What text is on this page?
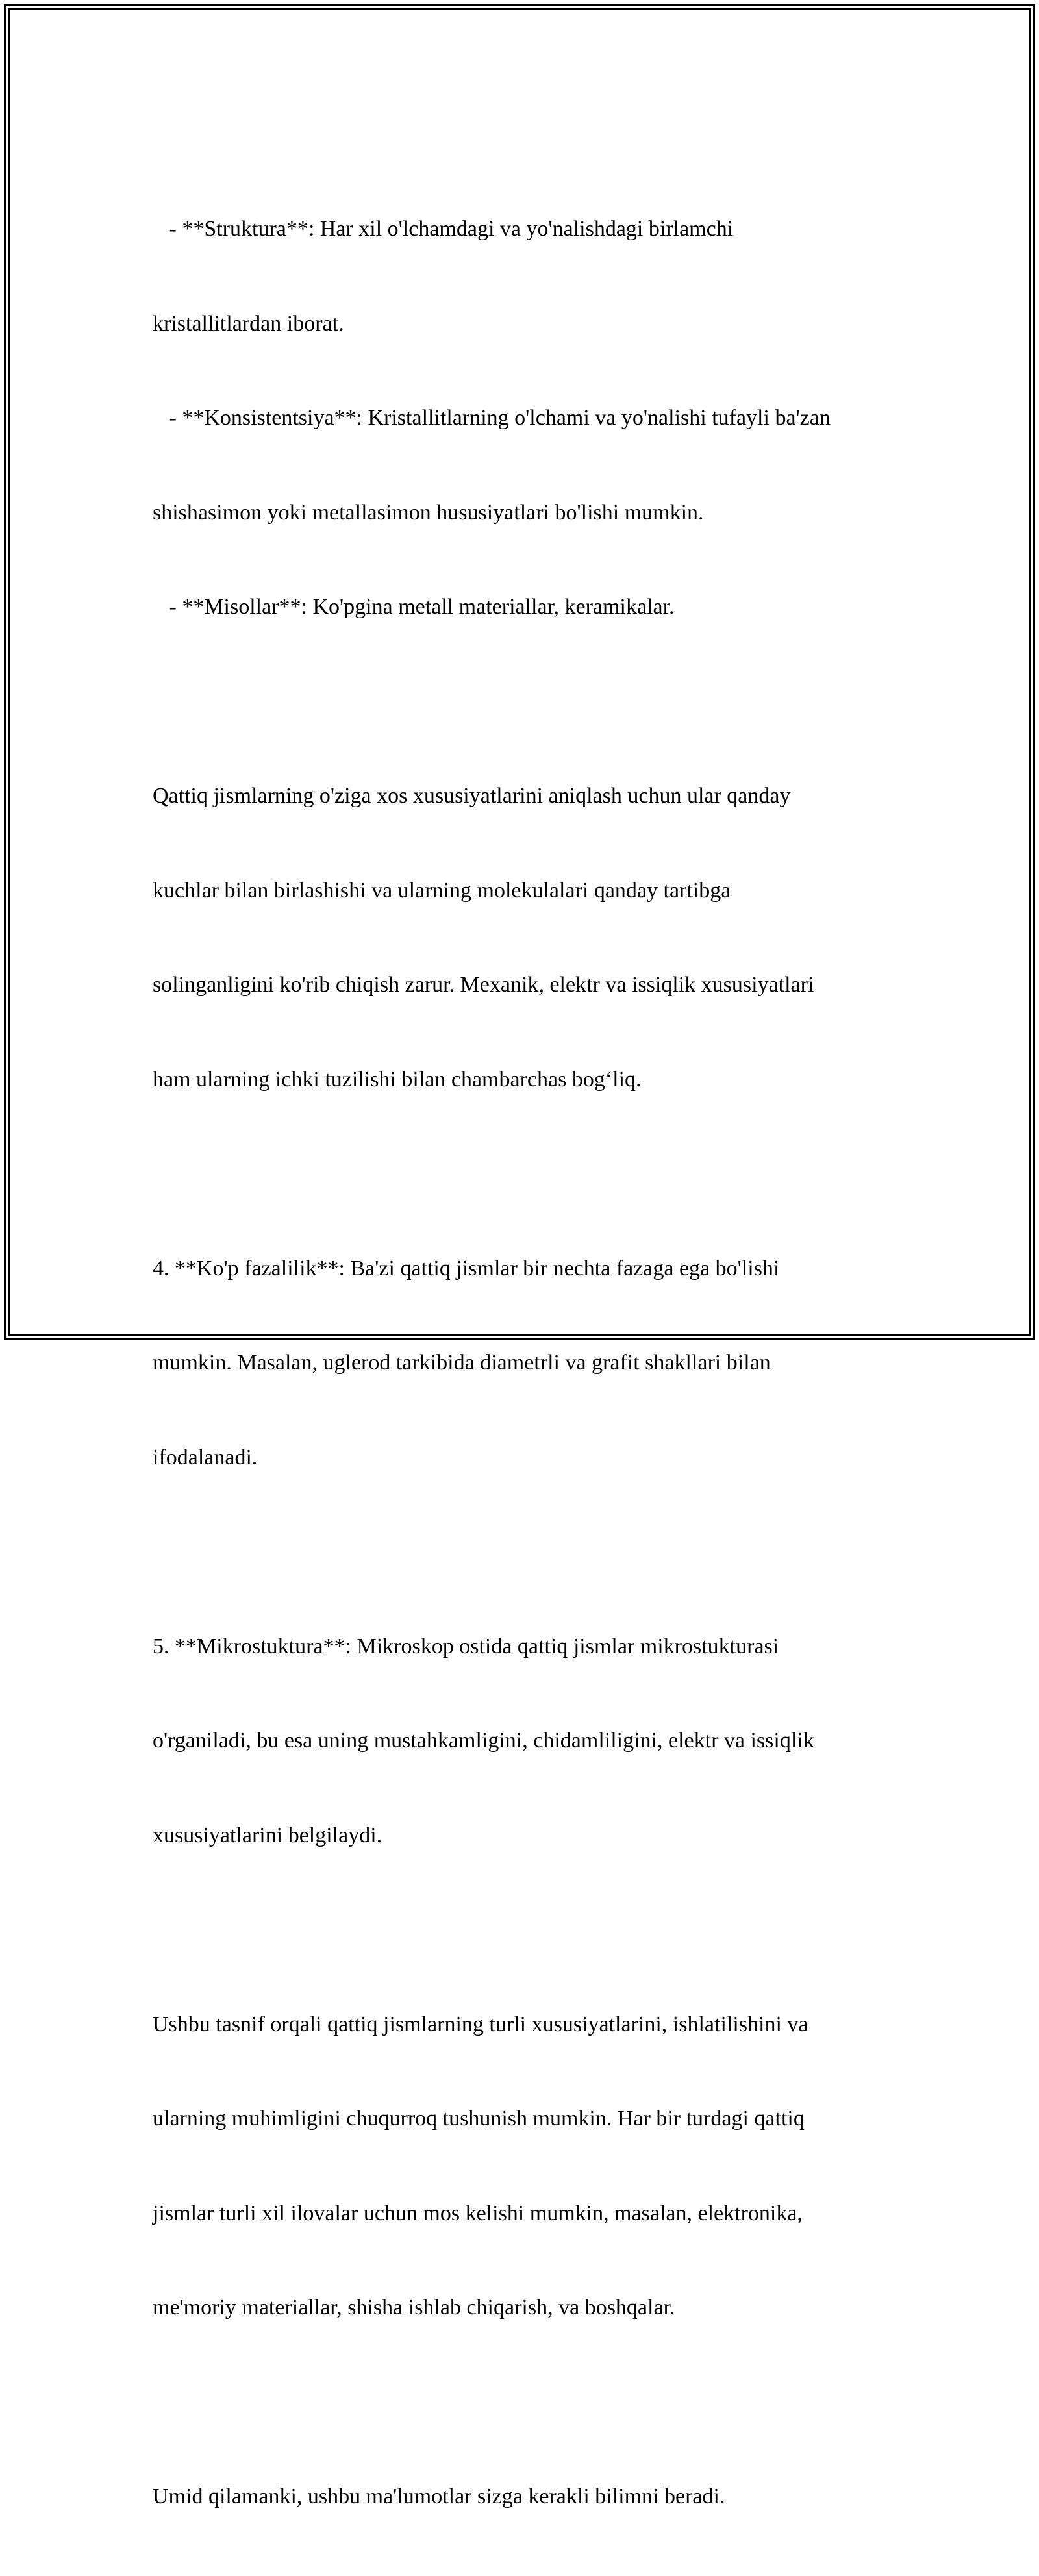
- **Struktura**: Har xil o'lchamdagi va yo'nalishdagi birlamchi

kristallitlardan iborat.

- **Konsistentsiya**: Kristallitlarning o'lchami va yo'nalishi tufayli ba'zan

shishasimon yoki metallasimon hususiyatlari bo'lishi mumkin.

- **Misollar**: Ko'pgina metall materiallar, keramikalar.

Qattiq jismlarning o'ziga xos xususiyatlarini aniqlash uchun ular qanday

kuchlar bilan birlashishi va ularning molekulalari qanday tartibga

solinganligini ko'rib chiqish zarur. Mexanik, elektr va issiqlik xususiyatlari

ham ularning ichki tuzilishi bilan chambarchas bog‘liq.

4. **Ko'p fazalilik**: Ba'zi qattiq jismlar bir nechta fazaga ega bo'lishi

mumkin. Masalan, uglerod tarkibida diametrli va grafit shakllari bilan

ifodalanadi.

5. **Mikrostuktura**: Mikroskop ostida qattiq jismlar mikrostukturasi

o'rganiladi, bu esa uning mustahkamligini, chidamliligini, elektr va issiqlik

xususiyatlarini belgilaydi.

Ushbu tasnif orqali qattiq jismlarning turli xususiyatlarini, ishlatilishini va

ularning muhimligini chuqurroq tushunish mumkin. Har bir turdagi qattiq

jismlar turli xil ilovalar uchun mos kelishi mumkin, masalan, elektronika,

me'moriy materiallar, shisha ishlab chiqarish, va boshqalar.

Umid qilamanki, ushbu ma'lumotlar sizga kerakli bilimni beradi.
